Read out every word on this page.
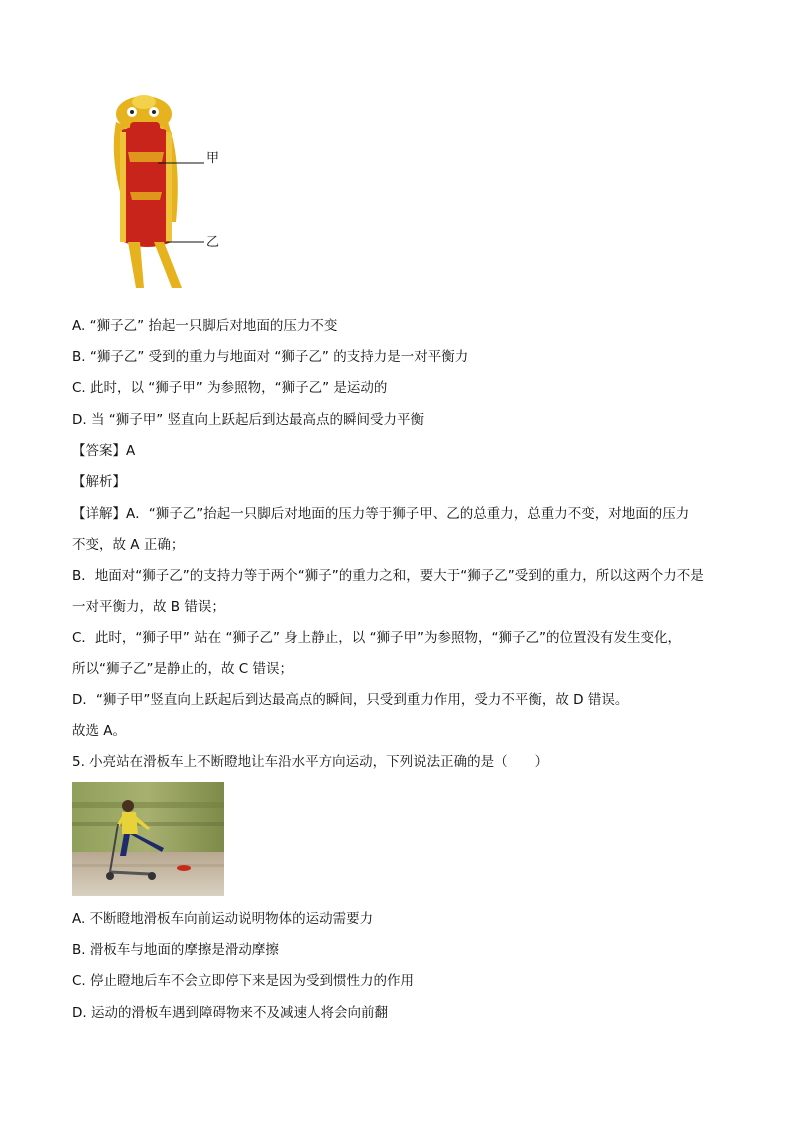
甲
乙
A. “狮子乙” 抬起一只脚后对地面的压力不变
B. “狮子乙” 受到的重力与地面对 “狮子乙” 的支持力是一对平衡力
C. 此时，以 “狮子甲” 为参照物，“狮子乙” 是运动的
D. 当 “狮子甲” 竖直向上跃起后到达最高点的瞬间受力平衡
【答案】A
【解析】
【详解】A．“狮子乙”抬起一只脚后对地面的压力等于狮子甲、乙的总重力，总重力不变，对地面的压力
不变，故 A 正确；
B．地面对“狮子乙”的支持力等于两个“狮子”的重力之和，要大于“狮子乙”受到的重力，所以这两个力不是
一对平衡力，故 B 错误；
C．此时，“狮子甲” 站在 “狮子乙” 身上静止，以 “狮子甲”为参照物，“狮子乙”的位置没有发生变化，
所以“狮子乙”是静止的，故 C 错误；
D．“狮子甲”竖直向上跃起后到达最高点的瞬间，只受到重力作用，受力不平衡，故 D 错误。
故选 A。
5. 小亮站在滑板车上不断瞪地让车沿水平方向运动，下列说法正确的是（　　）
A. 不断瞪地滑板车向前运动说明物体的运动需要力
B. 滑板车与地面的摩擦是滑动摩擦
C. 停止瞪地后车不会立即停下来是因为受到惯性力的作用
D. 运动的滑板车遇到障碍物来不及减速人将会向前翻
